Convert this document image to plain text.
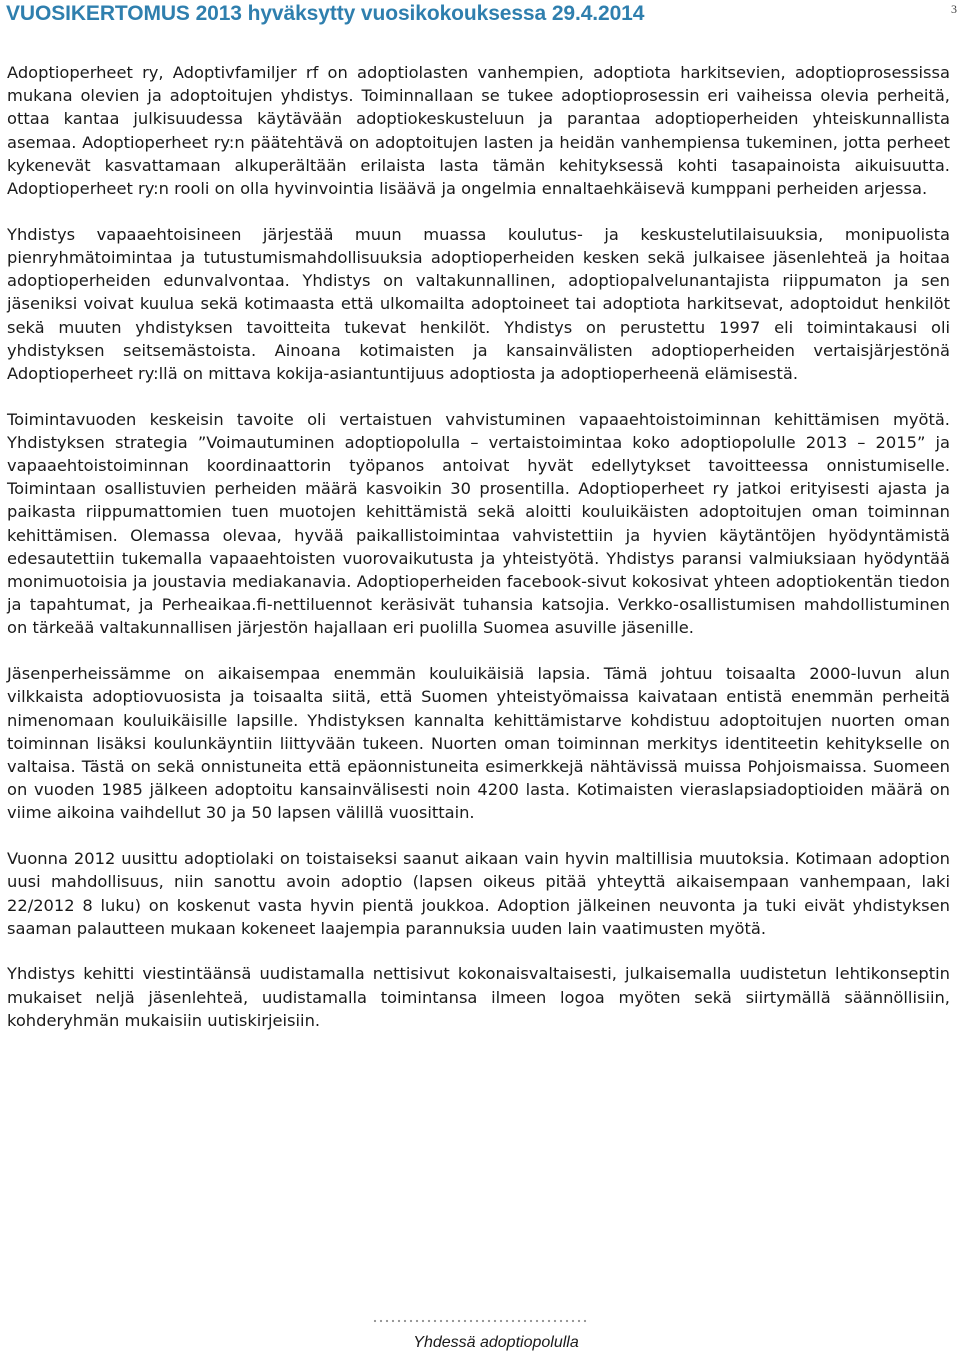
VUOSIKERTOMUS 2013 hyväksytty vuosikokouksessa 29.4.2014	3

Adoptioperheet ry, Adoptivfamiljer rf on adoptiolasten vanhempien, adoptiota harkitsevien, adoptioprosessissa mukana olevien ja adoptoitujen yhdistys. Toiminnallaan se tukee adoptioprosessin eri vaiheissa olevia perheitä, ottaa kantaa julkisuudessa käytävään adoptiokeskusteluun ja parantaa adoptioperheiden yhteiskunnallista asemaa. Adoptioperheet ry:n päätehtävä on adoptoitujen lasten ja heidän vanhempiensa tukeminen, jotta perheet kykenevät kasvattamaan alkuperältään erilaista lasta tämän kehityksessä kohti tasapainoista aikuisuutta. Adoptioperheet ry:n rooli on olla hyvinvointia lisäävä ja ongelmia ennaltaehkäisevä kumppani perheiden arjessa.

Yhdistys vapaaehtoisineen järjestää muun muassa koulutus- ja keskustelutilaisuuksia, monipuolista pienryhmätoimintaa ja tutustumismahdollisuuksia adoptioperheiden kesken sekä julkaisee jäsenlehteä ja hoitaa adoptioperheiden edunvalvontaa. Yhdistys on valtakunnallinen, adoptiopalvelunantajista riippumaton ja sen jäseniksi voivat kuulua sekä kotimaasta että ulkomailta adoptoineet tai adoptiota harkitsevat, adoptoidut henkilöt sekä muuten yhdistyksen tavoitteita tukevat henkilöt. Yhdistys on perustettu 1997 eli toimintakausi oli yhdistyksen seitsemästoista. Ainoana kotimaisten ja kansainvälisten adoptioperheiden vertaisjärjestönä Adoptioperheet ry:llä on mittava kokija-asiantuntijuus adoptiosta ja adoptioperheenä elämisestä.

Toimintavuoden keskeisin tavoite oli vertaistuen vahvistuminen vapaaehtoistoiminnan kehittämisen myötä. Yhdistyksen strategia ”Voimautuminen adoptiopolulla – vertaistoimintaa koko adoptiopolulle 2013 – 2015” ja vapaaehtoistoiminnan koordinaattorin työpanos antoivat hyvät edellytykset tavoitteessa onnistumiselle. Toimintaan osallistuvien perheiden määrä kasvoikin 30 prosentilla. Adoptioperheet ry jatkoi erityisesti ajasta ja paikasta riippumattomien tuen muotojen kehittämistä sekä aloitti kouluikäisten adoptoitujen oman toiminnan kehittämisen. Olemassa olevaa, hyvää paikallistoimintaa vahvistettiin ja hyvien käytäntöjen hyödyntämistä edesautettiin tukemalla vapaaehtoisten vuorovaikutusta ja yhteistyötä. Yhdistys paransi valmiuksiaan hyödyntää monimuotoisia ja joustavia mediakanavia. Adoptioperheiden facebook-sivut kokosivat yhteen adoptiokentän tiedon ja tapahtumat, ja Perheaikaa.fi-nettiluennot keräsivät tuhansia katsojia. Verkko-osallistumisen mahdollistuminen on tärkeää valtakunnallisen järjestön hajallaan eri puolilla Suomea asuville jäsenille.

Jäsenperheissämme on aikaisempaa enemmän kouluikäisiä lapsia. Tämä johtuu toisaalta 2000-luvun alun vilkkaista adoptiovuosista ja toisaalta siitä, että Suomen yhteistyömaissa kaivataan entistä enemmän perheitä nimenomaan kouluikäisille lapsille. Yhdistyksen kannalta kehittämistarve kohdistuu adoptoitujen nuorten oman toiminnan lisäksi koulunkäyntiin liittyvään tukeen. Nuorten oman toiminnan merkitys identiteetin kehitykselle on valtaisa. Tästä on sekä onnistuneita että epäonnistuneita esimerkkejä nähtävissä muissa Pohjoismaissa. Suomeen on vuoden 1985 jälkeen adoptoitu kansainvälisesti noin 4200 lasta. Kotimaisten vieraslapsiadoptioiden määrä on viime aikoina vaihdellut 30 ja 50 lapsen välillä vuosittain.

Vuonna 2012 uusittu adoptiolaki on toistaiseksi saanut aikaan vain hyvin maltillisia muutoksia. Kotimaan adoption uusi mahdollisuus, niin sanottu avoin adoptio (lapsen oikeus pitää yhteyttä aikaisempaan vanhempaan, laki 22/2012 8 luku) on koskenut vasta hyvin pientä joukkoa. Adoption jälkeinen neuvonta ja tuki eivät yhdistyksen saaman palautteen mukaan kokeneet laajempia parannuksia uuden lain vaatimusten myötä.

Yhdistys kehitti viestintäänsä uudistamalla nettisivut kokonaisvaltaisesti, julkaisemalla uudistetun lehtikonseptin mukaiset neljä jäsenlehteä, uudistamalla toimintansa ilmeen logoa myöten sekä siirtymällä säännöllisiin, kohderyhmän mukaisiin uutiskirjeisiin.

Yhdessä adoptiopolulla
